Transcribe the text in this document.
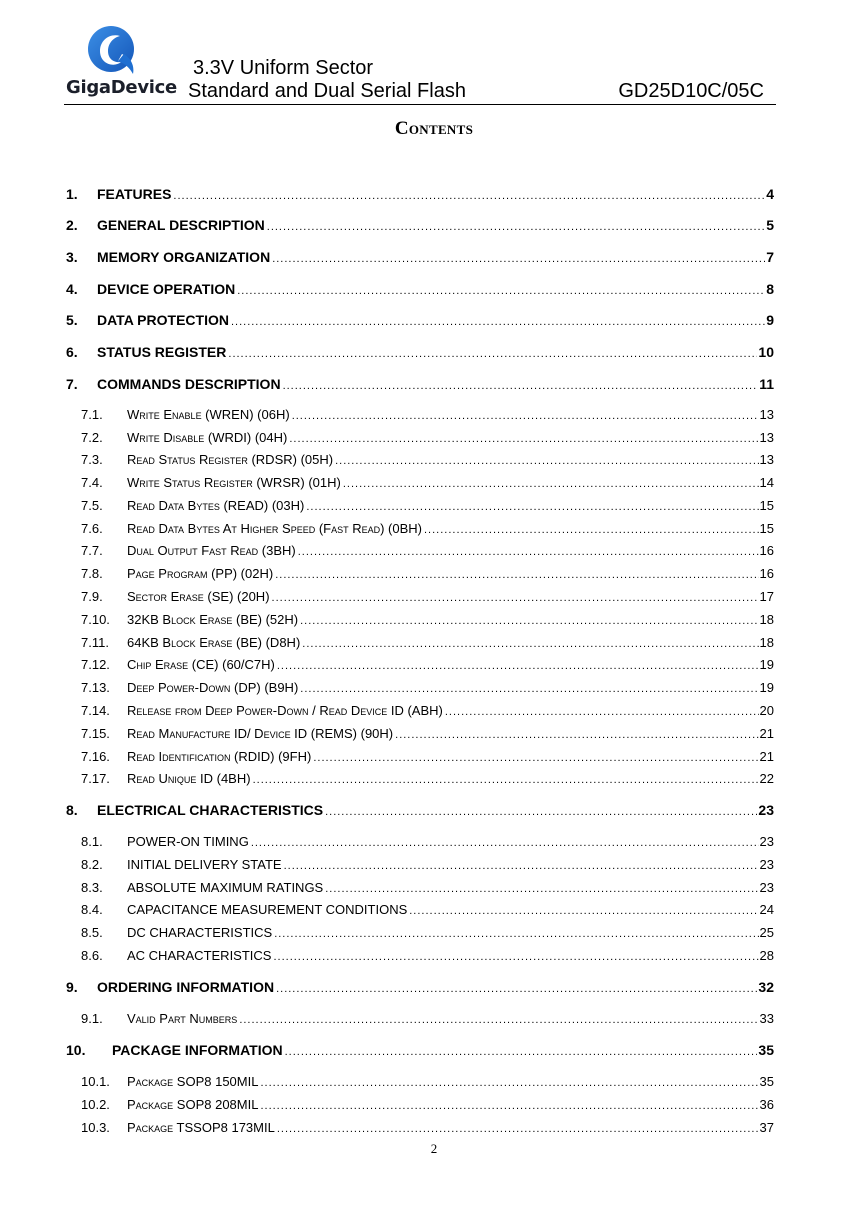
GigaDevice
3.3V Uniform Sector
Standard and Dual Serial Flash	GD25D10C/05C
Contents
1.	FEATURES .....	4
2.	GENERAL DESCRIPTION .....	5
3.	MEMORY ORGANIZATION .....	7
4.	DEVICE OPERATION .....	8
5.	DATA PROTECTION .....	9
6.	STATUS REGISTER .....	10
7.	COMMANDS DESCRIPTION .....	11
7.1.	Write Enable (WREN) (06H) .....	13
7.2.	Write Disable (WRDI) (04H) .....	13
7.3.	Read Status Register (RDSR) (05H) .....	13
7.4.	Write Status Register (WRSR) (01H) .....	14
7.5.	Read Data Bytes (READ) (03H) .....	15
7.6.	Read Data Bytes At Higher Speed (Fast Read) (0BH) .....	15
7.7.	Dual Output Fast Read (3BH) .....	16
7.8.	Page Program (PP) (02H) .....	16
7.9.	Sector Erase (SE) (20H) .....	17
7.10.	32KB Block Erase (BE) (52H) .....	18
7.11.	64KB Block Erase (BE) (D8H) .....	18
7.12.	Chip Erase (CE) (60/C7H) .....	19
7.13.	Deep Power-Down (DP) (B9H) .....	19
7.14.	Release from Deep Power-Down / Read Device ID (ABH) .....	20
7.15.	Read Manufacture ID/ Device ID (REMS) (90H) .....	21
7.16.	Read Identification (RDID) (9FH) .....	21
7.17.	Read Unique ID (4BH) .....	22
8.	ELECTRICAL CHARACTERISTICS .....	23
8.1.	POWER-ON TIMING .....	23
8.2.	INITIAL DELIVERY STATE .....	23
8.3.	ABSOLUTE MAXIMUM RATINGS .....	23
8.4.	CAPACITANCE MEASUREMENT CONDITIONS .....	24
8.5.	DC CHARACTERISTICS .....	25
8.6.	AC CHARACTERISTICS .....	28
9.	ORDERING INFORMATION .....	32
9.1.	Valid Part Numbers .....	33
10.	PACKAGE INFORMATION .....	35
10.1.	Package SOP8 150MIL .....	35
10.2.	Package SOP8 208MIL .....	36
10.3.	Package TSSOP8 173MIL .....	37
2
